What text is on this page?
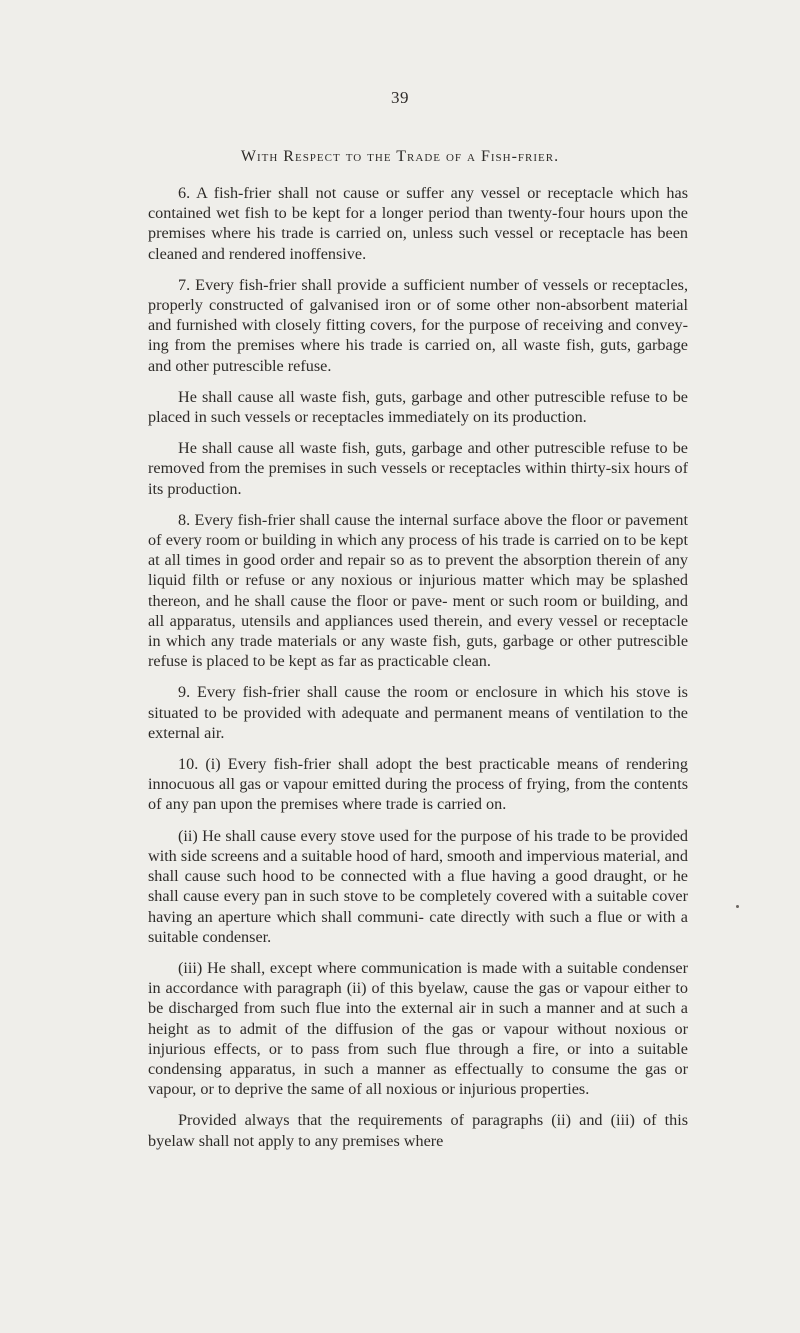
39
With Respect to the Trade of a Fish-frier.

6. A fish-frier shall not cause or suffer any vessel or receptacle which has contained wet fish to be kept for a longer period than twenty-four hours upon the premises where his trade is carried on, unless such vessel or receptacle has been cleaned and rendered inoffensive.

7. Every fish-frier shall provide a sufficient number of vessels or receptacles, properly constructed of galvanised iron or of some other non-absorbent material and furnished with closely fitting covers, for the purpose of receiving and convey- ing from the premises where his trade is carried on, all waste fish, guts, garbage and other putrescible refuse.

He shall cause all waste fish, guts, garbage and other putrescible refuse to be placed in such vessels or receptacles immediately on its production.

He shall cause all waste fish, guts, garbage and other putrescible refuse to be removed from the premises in such vessels or receptacles within thirty-six hours of its production.

8. Every fish-frier shall cause the internal surface above the floor or pavement of every room or building in which any process of his trade is carried on to be kept at all times in good order and repair so as to prevent the absorption therein of any liquid filth or refuse or any noxious or injurious matter which may be splashed thereon, and he shall cause the floor or pave- ment or such room or building, and all apparatus, utensils and appliances used therein, and every vessel or receptacle in which any trade materials or any waste fish, guts, garbage or other putrescible refuse is placed to be kept as far as practicable clean.

9. Every fish-frier shall cause the room or enclosure in which his stove is situated to be provided with adequate and permanent means of ventilation to the external air.

10. (i) Every fish-frier shall adopt the best practicable means of rendering innocuous all gas or vapour emitted during the process of frying, from the contents of any pan upon the premises where trade is carried on.

(ii) He shall cause every stove used for the purpose of his trade to be provided with side screens and a suitable hood of hard, smooth and impervious material, and shall cause such hood to be connected with a flue having a good draught, or he shall cause every pan in such stove to be completely covered with a suitable cover having an aperture which shall communi- cate directly with such a flue or with a suitable condenser.

(iii) He shall, except where communication is made with a suitable condenser in accordance with paragraph (ii) of this byelaw, cause the gas or vapour either to be discharged from such flue into the external air in such a manner and at such a height as to admit of the diffusion of the gas or vapour without noxious or injurious effects, or to pass from such flue through a fire, or into a suitable condensing apparatus, in such a manner as effectually to consume the gas or vapour, or to deprive the same of all noxious or injurious properties.

Provided always that the requirements of paragraphs (ii) and (iii) of this byelaw shall not apply to any premises where
